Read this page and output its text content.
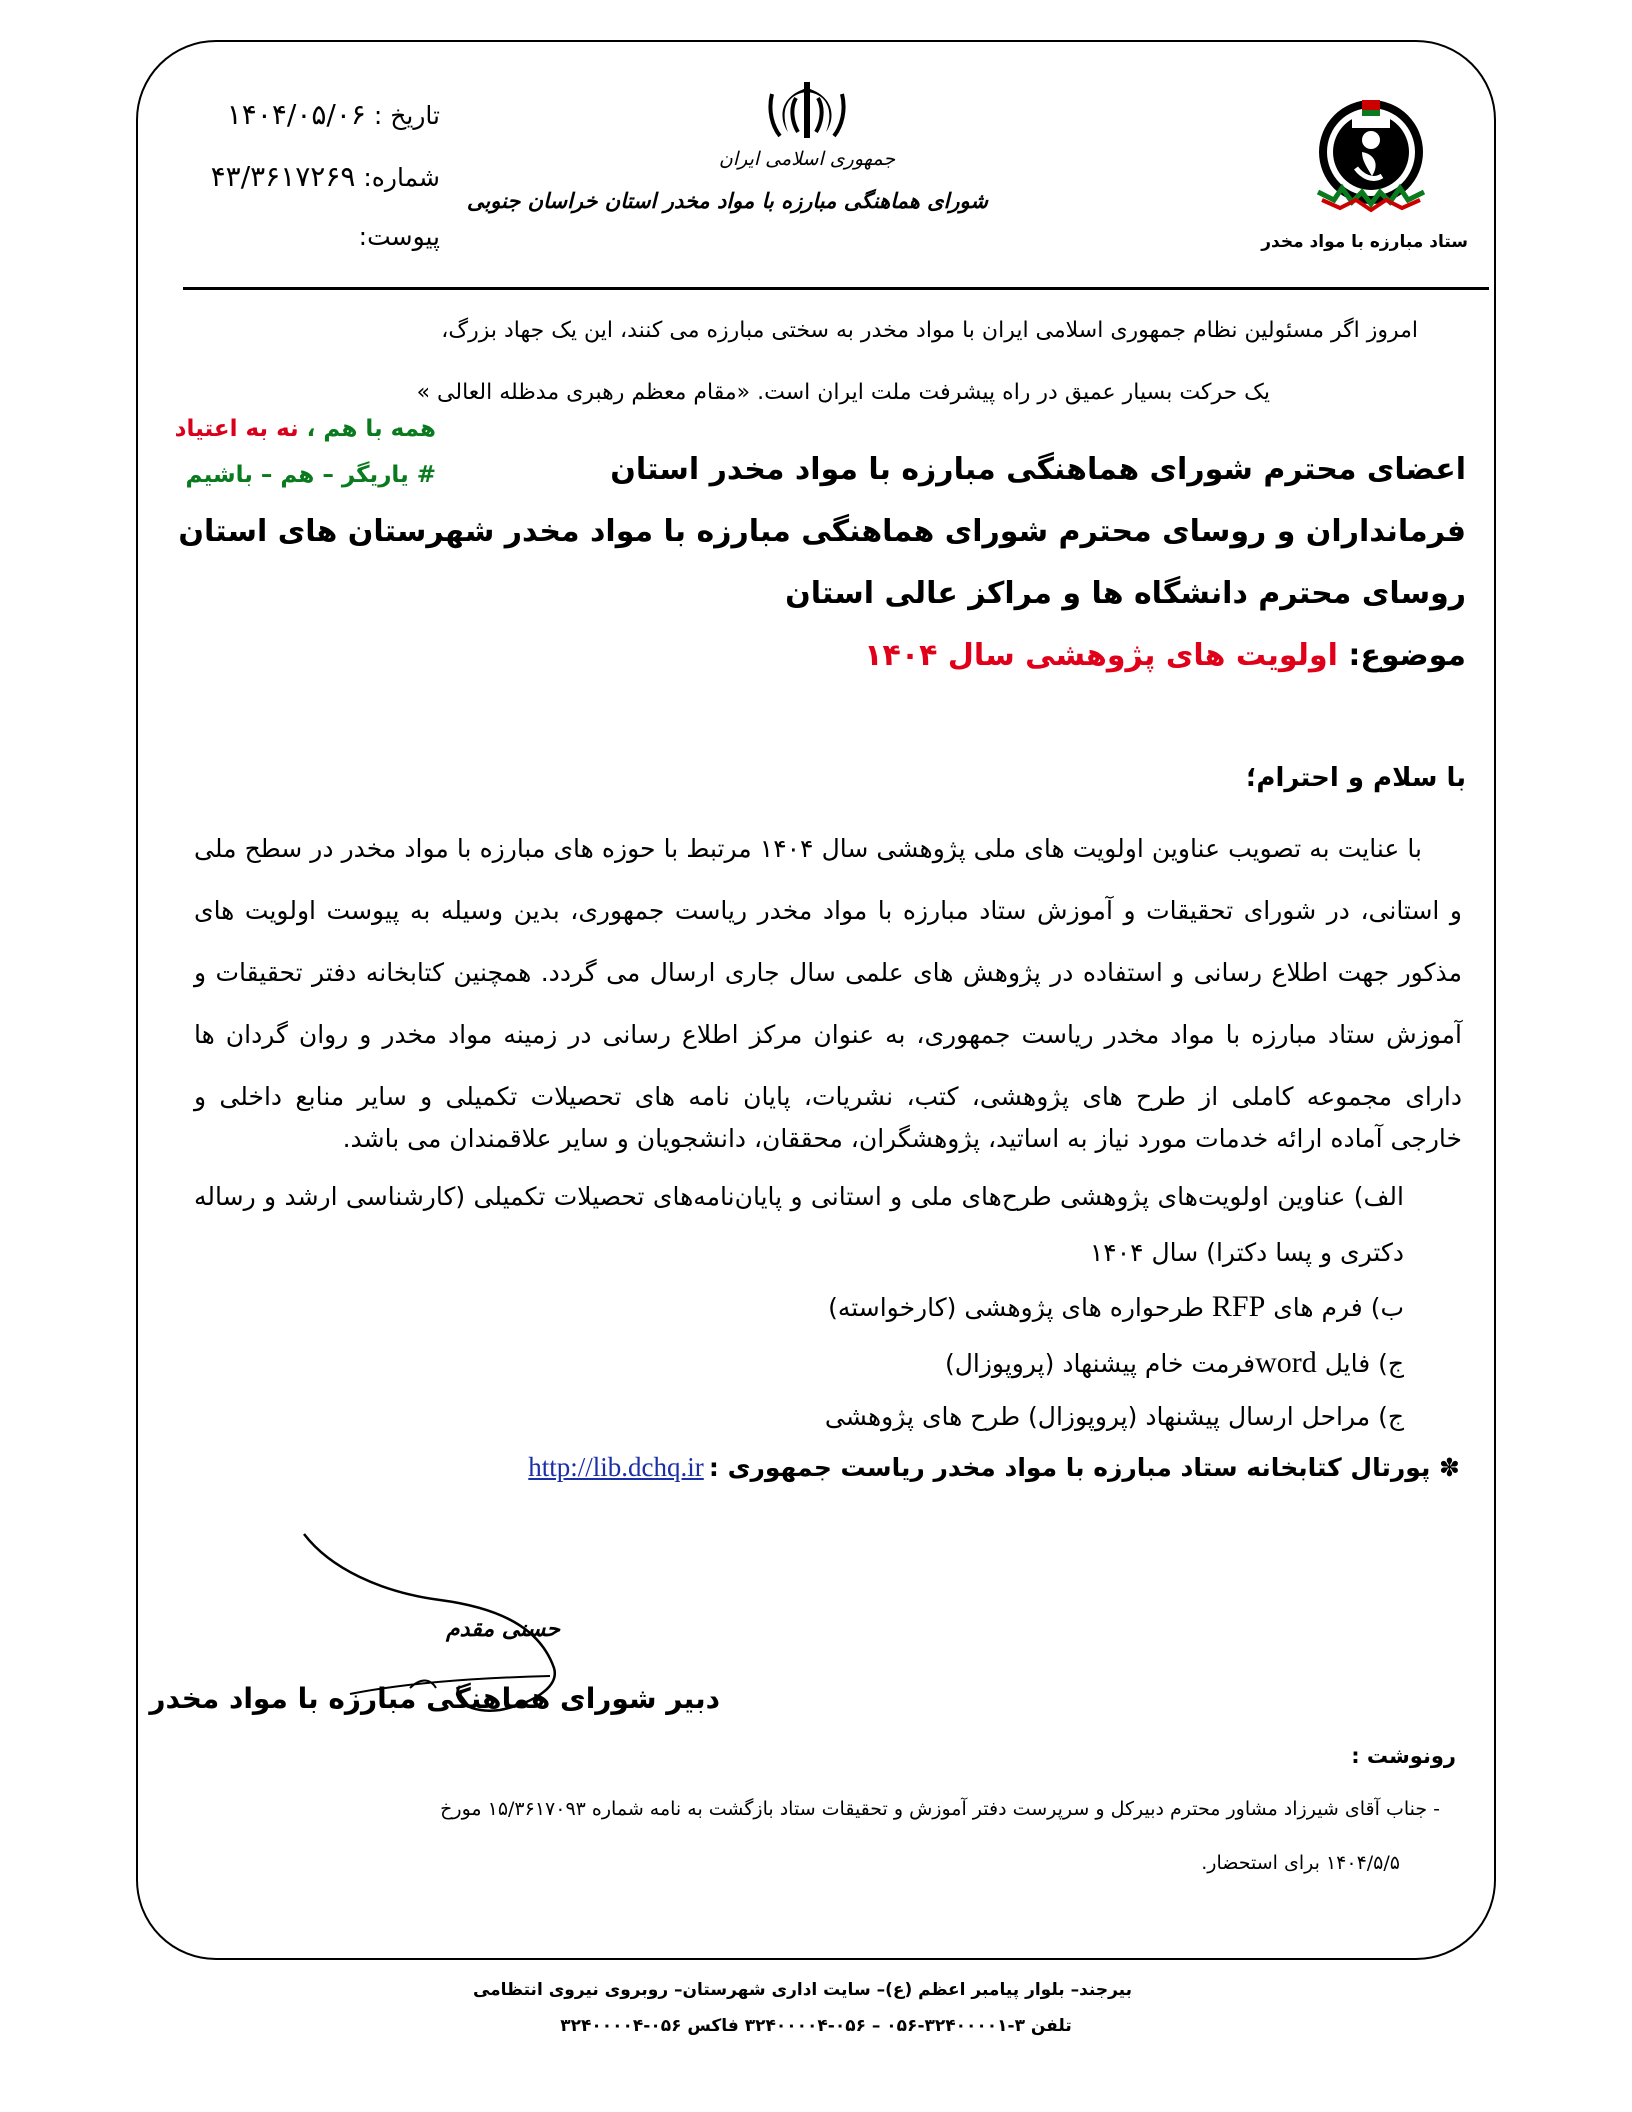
تاریخ : ۱۴۰۴/۰۵/۰۶
شماره: ۴۳/۳۶۱۷۲۶۹
پیوست:
جمهوری اسلامی ایران
شورای هماهنگی مبارزه با مواد مخدر استان خراسان جنوبی
ستاد مبارزه با مواد مخدر
امروز اگر مسئولین نظام جمهوری اسلامی ایران با مواد مخدر به سختی مبارزه می کنند، این یک جهاد بزرگ،
یک حرکت بسیار عمیق در راه پیشرفت ملت ایران است. «مقام معظم رهبری مدظله العالی »
همه با هم ، نه به اعتیاد
# یاریگر – هم – باشیم	اعضای محترم شورای هماهنگی مبارزه با مواد مخدر استان
فرمانداران و روسای محترم شورای هماهنگی مبارزه با مواد مخدر شهرستان های استان
روسای محترم دانشگاه ها و مراکز عالی استان
موضوع: اولویت های پژوهشی سال ۱۴۰۴
با سلام و احترام؛
با عنایت به تصویب عناوین اولویت های ملی پژوهشی سال ۱۴۰۴ مرتبط با حوزه های مبارزه با مواد مخدر در سطح ملی و استانی، در شورای تحقیقات و آموزش ستاد مبارزه با مواد مخدر ریاست جمهوری، بدین وسیله به پیوست اولویت های مذکور جهت اطلاع رسانی و استفاده در پژوهش های علمی سال جاری ارسال می گردد. همچنین کتابخانه دفتر تحقیقات و آموزش ستاد مبارزه با مواد مخدر ریاست جمهوری، به عنوان مرکز اطلاع رسانی در زمینه مواد مخدر و روان گردان ها دارای مجموعه کاملی از طرح های پژوهشی، کتب، نشریات، پایان نامه های تحصیلات تکمیلی و سایر منابع داخلی و
خارجی آماده ارائه خدمات مورد نیاز به اساتید، پژوهشگران، محققان، دانشجویان و سایر علاقمندان می باشد.
الف) عناوین اولویت‌های پژوهشی طرح‌های ملی و استانی و پایان‌نامه‌های تحصیلات تکمیلی (کارشناسی ارشد و رساله
دکتری و پسا دکترا) سال ۱۴۰۴
ب) فرم های RFP طرحواره های پژوهشی (کارخواسته)
ج) فایل wordفرمت خام پیشنهاد (پروپوزال)
ج) مراحل ارسال پیشنهاد (پروپوزال) طرح های پژوهشی
✽ پورتال کتابخانه ستاد مبارزه با مواد مخدر ریاست جمهوری : http://lib.dchq.ir
حسنی مقدم
دبیر شورای هماهنگی مبارزه با مواد مخدر
رونوشت :
- جناب آقای شیرزاد مشاور محترم دبیرکل و سرپرست دفتر آموزش و تحقیقات ستاد بازگشت به نامه شماره ۱۵/۳۶۱۷۰۹۳ مورخ
۱۴۰۴/۵/۵ برای استحضار.
بیرجند– بلوار پیامبر اعظم (ع)– سایت اداری شهرستان– روبروی نیروی انتظامی
تلفن ۳-۳۲۴۰۰۰۰۱-۰۵۶ – ۰۵۶-۳۲۴۰۰۰۰۴ فاکس ۰۵۶-۳۲۴۰۰۰۰۴
